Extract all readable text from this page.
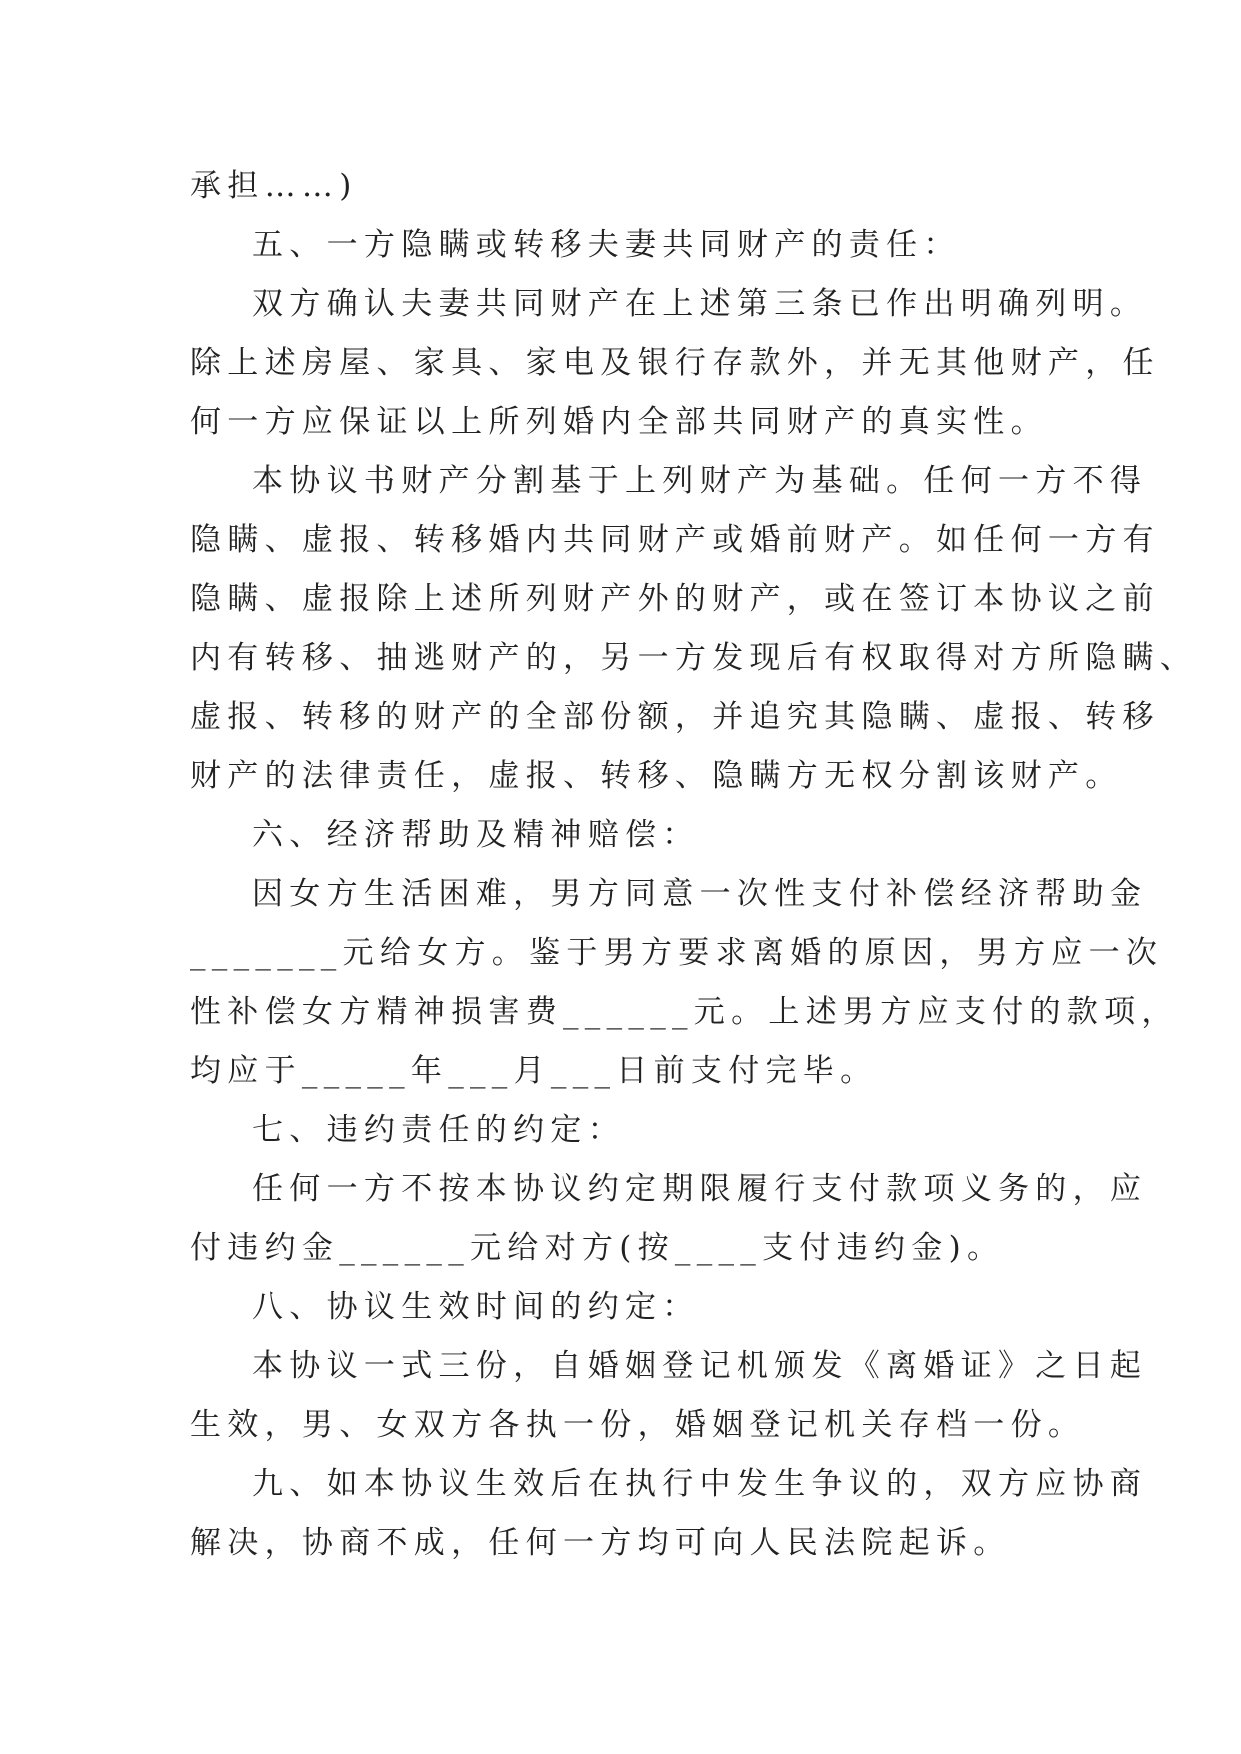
承担……)
五、一方隐瞒或转移夫妻共同财产的责任：
双方确认夫妻共同财产在上述第三条已作出明确列明。
除上述房屋、家具、家电及银行存款外，并无其他财产，任
何一方应保证以上所列婚内全部共同财产的真实性。
本协议书财产分割基于上列财产为基础。任何一方不得
隐瞒、虚报、转移婚内共同财产或婚前财产。如任何一方有
隐瞒、虚报除上述所列财产外的财产，或在签订本协议之前
内有转移、抽逃财产的，另一方发现后有权取得对方所隐瞒、
虚报、转移的财产的全部份额，并追究其隐瞒、虚报、转移
财产的法律责任，虚报、转移、隐瞒方无权分割该财产。
六、经济帮助及精神赔偿：
因女方生活困难，男方同意一次性支付补偿经济帮助金
_______元给女方。鉴于男方要求离婚的原因，男方应一次
性补偿女方精神损害费______元。上述男方应支付的款项，
均应于_____年___月___日前支付完毕。
七、违约责任的约定：
任何一方不按本协议约定期限履行支付款项义务的，应
付违约金______元给对方(按____支付违约金)。
八、协议生效时间的约定：
本协议一式三份，自婚姻登记机颁发《离婚证》之日起
生效，男、女双方各执一份，婚姻登记机关存档一份。
九、如本协议生效后在执行中发生争议的，双方应协商
解决，协商不成，任何一方均可向人民法院起诉。
